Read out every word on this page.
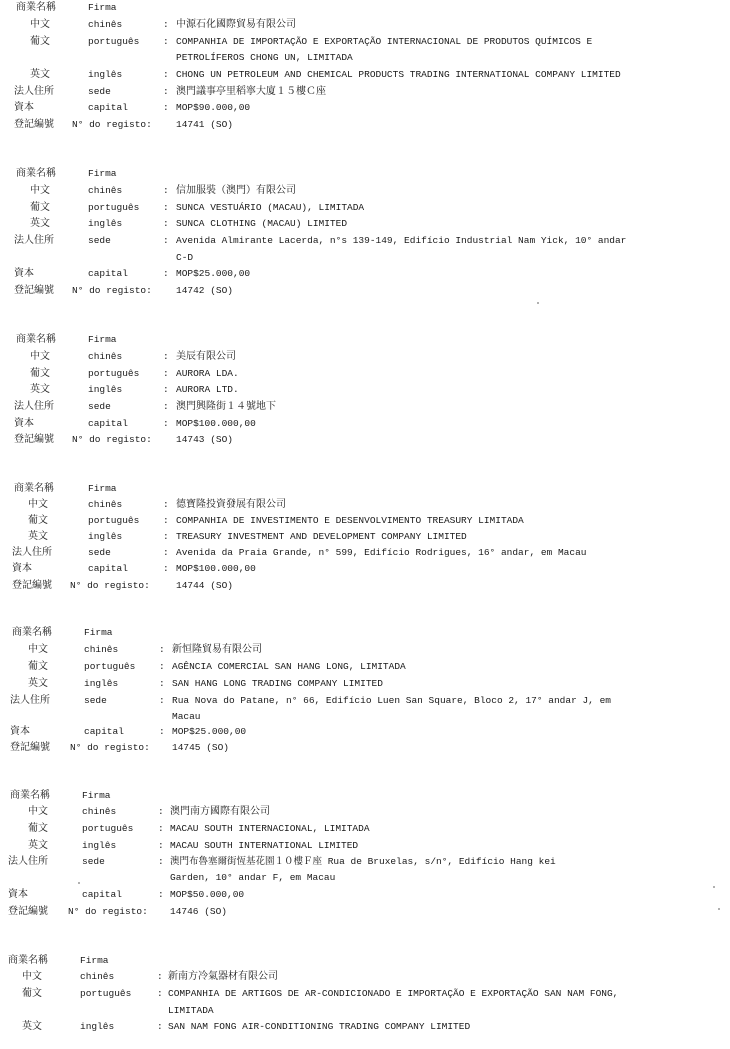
商業名稱	Firma
中文	chinês	: 中源石化國際貿易有限公司
葡文	português : COMPANHIA DE IMPORTAÇÃO E EXPORTAÇÃO INTERNACIONAL DE PRODUTOS QUÍMICOS E
PETROLÍFEROS CHONG UN, LIMITADA
英文	inglês	: CHONG UN PETROLEUM AND CHEMICAL PRODUCTS TRADING INTERNATIONAL COMPANY LIMITED
法人住所	sede	: 澳門議事亭里稻寧大廈１５樓Ｃ座
資本	capital	: MOP$90.000,00
登記編號 N° do registo:	14741 (SO)
商業名稱	Firma
中文	chinês	: 信加服裝（澳門）有限公司
葡文	português : SUNCA VESTUÁRIO (MACAU), LIMITADA
英文	inglês	: SUNCA CLOTHING (MACAU) LIMITED
法人住所	sede	: Avenida Almirante Lacerda, n°s 139-149, Edifício Industrial Nam Yick, 10° andar
C-D
資本	capital	: MOP$25.000,00
登記編號 N° do registo:	14742 (SO)
商業名稱	Firma
中文	chinês	: 美辰有限公司
葡文	português : AURORA LDA.
英文	inglês	: AURORA LTD.
法人住所	sede	: 澳門興隆街１４號地下
資本	capital	: MOP$100.000,00
登記編號 N° do registo:	14743 (SO)
商業名稱	Firma
中文	chinês	: 德寶隆投資發展有限公司
葡文	português : COMPANHIA DE INVESTIMENTO E DESENVOLVIMENTO TREASURY LIMITADA
英文	inglês	: TREASURY INVESTMENT AND DEVELOPMENT COMPANY LIMITED
法人住所	sede	: Avenida da Praia Grande, n° 599, Edifício Rodrigues, 16° andar, em Macau
資本	capital	: MOP$100.000,00
登記編號 N° do registo:	14744 (SO)
商業名稱	Firma
中文	chinês	: 新恒隆貿易有限公司
葡文	português : AGÊNCIA COMERCIAL SAN HANG LONG, LIMITADA
英文	inglês	: SAN HANG LONG TRADING COMPANY LIMITED
法人住所	sede	: Rua Nova do Patane, n° 66, Edifício Luen San Square, Bloco 2, 17° andar J, em
Macau
資本	capital	: MOP$25.000,00
登記編號 N° do registo: 14745 (SO)
商業名稱	Firma
中文	chinês	: 澳門南方國際有限公司
葡文	português	: MACAU SOUTH INTERNACIONAL, LIMITADA
英文	inglês	: MACAU SOUTH INTERNATIONAL LIMITED
法人住所	sede	: 澳門布魯塞爾街恆基花園１０樓Ｆ座 Rua de Bruxelas, s/n°, Edifício Hang kei
Garden, 10° andar F, em Macau
資本	capital	: MOP$50.000,00
登記編號 N° do registo: 14746 (SO)
商業名稱	Firma
中文	chinês	: 新南方冷氣器材有限公司
葡文	português	: COMPANHIA DE ARTIGOS DE AR-CONDICIONADO E IMPORTAÇÃO E EXPORTAÇÃO SAN NAM FONG,
LIMITADA
英文	inglês	: SAN NAM FONG AIR-CONDITIONING TRADING COMPANY LIMITED
